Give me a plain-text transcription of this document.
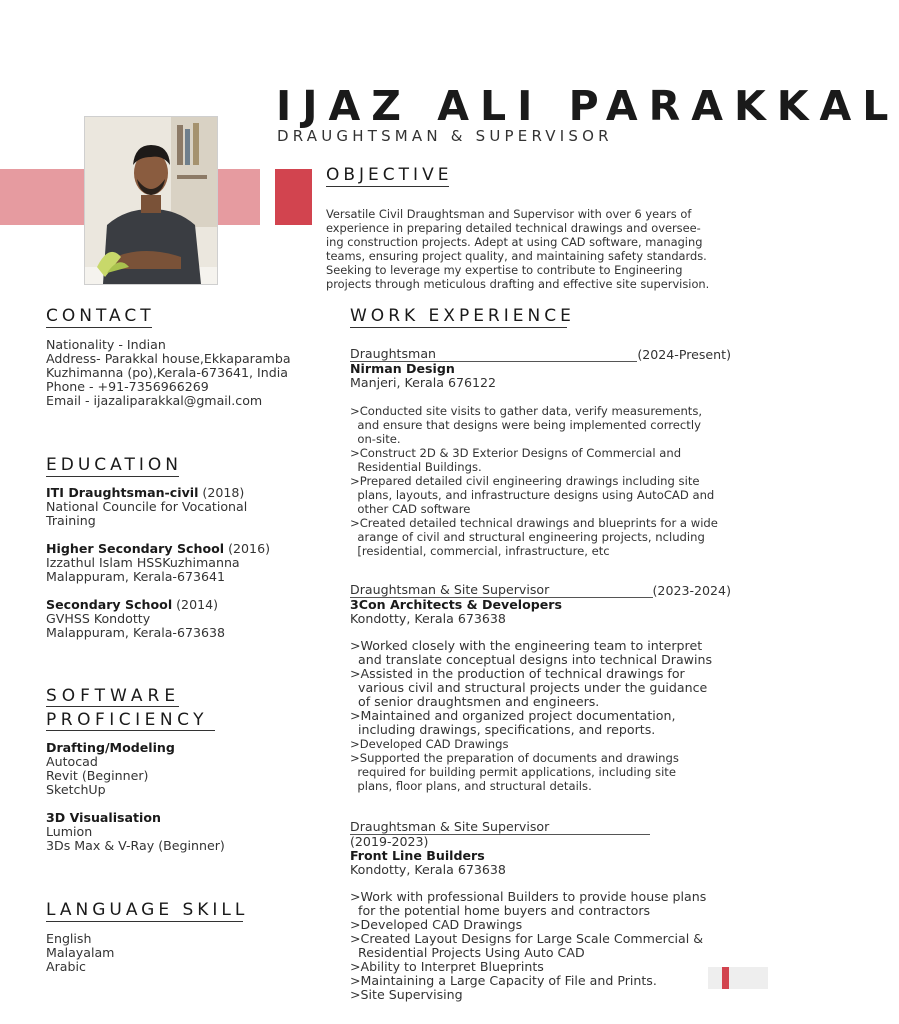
IJAZ ALI PARAKKAL
DRAUGHTSMAN & SUPERVISOR
OBJECTIVE
Versatile Civil Draughtsman and Supervisor with over 6 years of
experience in preparing detailed technical drawings and oversee-
ing construction projects. Adept at using CAD software, managing
teams, ensuring project quality, and maintaining safety standards.
Seeking to leverage my expertise to contribute to Engineering
projects through meticulous drafting and effective site supervision.
CONTACT
Nationality - Indian
Address- Parakkal house,Ekkaparamba
Kuzhimanna (po),Kerala-673641, India
Phone - +91-7356966269
Email - ijazaliparakkal@gmail.com
EDUCATION
ITI Draughtsman-civil (2018)
National Councile for Vocational
Training
Higher Secondary School (2016)
Izzathul Islam HSSKuzhimanna
Malappuram, Kerala-673641
Secondary School (2014)
GVHSS Kondotty
Malappuram, Kerala-673638
SOFTWARE
PROFICIENCY
Drafting/Modeling
Autocad
Revit (Beginner)
SketchUp
3D Visualisation
Lumion
3Ds Max & V-Ray (Beginner)
LANGUAGE SKILL
English
Malayalam
Arabic
WORK EXPERIENCE
Draughtsman	(2024-Present)
Nirman Design
Manjeri, Kerala 676122
>Conducted site visits to gather data, verify measurements,
and ensure that designs were being implemented correctly
on-site.
>Construct 2D & 3D Exterior Designs of Commercial and
Residential Buildings.
>Prepared detailed civil engineering drawings including site
plans, layouts, and infrastructure designs using AutoCAD and
other CAD software
>Created detailed technical drawings and blueprints for a wide
arange of civil and structural engineering projects, ncluding
[residential, commercial, infrastructure, etc
Draughtsman & Site Supervisor	(2023-2024)
3Con Architects & Developers
Kondotty, Kerala 673638
>Worked closely with the engineering team to interpret
and translate conceptual designs into technical Drawins
>Assisted in the production of technical drawings for
various civil and structural projects under the guidance
of senior draughtsmen and engineers.
>Maintained and organized project documentation,
including drawings, specifications, and reports.
>Developed CAD Drawings
>Supported the preparation of documents and drawings
required for building permit applications, including site
plans, floor plans, and structural details.
Draughtsman & Site Supervisor
(2019-2023)
Front Line Builders
Kondotty, Kerala 673638
>Work with professional Builders to provide house plans
for the potential home buyers and contractors
>Developed CAD Drawings
>Created Layout Designs for Large Scale Commercial &
Residential Projects Using Auto CAD
>Ability to Interpret Blueprints
>Maintaining a Large Capacity of File and Prints.
>Site Supervising
